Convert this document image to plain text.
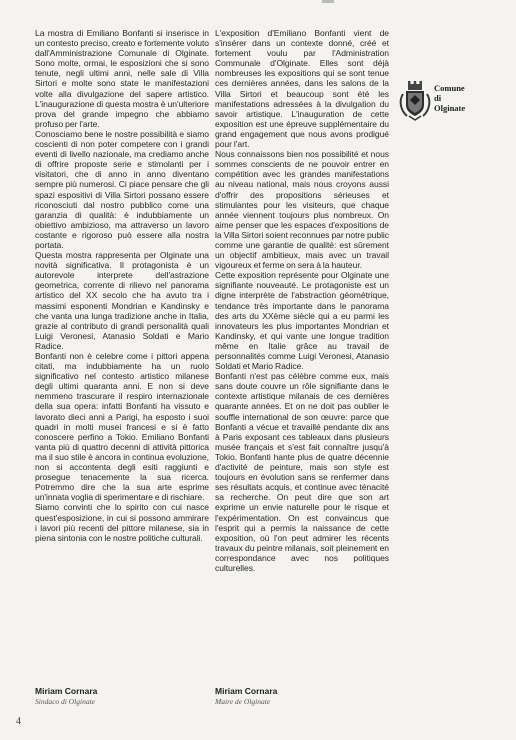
La mostra di Emiliano Bonfanti si inserisce in un contesto preciso, creato e fortemente voluto dall'Amministrazione Comunale di Olginate. Sono molte, ormai, le esposizioni che si sono tenute, negli ultimi anni, nelle sale di Villa Sirtori e molte sono state le manifestazioni volte alla divulgazione del sapere artistico. L'inaugurazione di questa mostra è un'ulteriore prova del grande impegno che abbiamo profuso per l'arte.

Conosciamo bene le nostre possibilità e siamo coscienti di non poter competere con i grandi eventi di livello nazionale, ma crediamo anche di offrire proposte serie e stimolanti per i visitatori, che di anno in anno diventano sempre più numerosi. Ci piace pensare che gli spazi espositivi di Villa Sirtori possano essere riconosciuti dal nostro pubblico come una garanzia di qualità: è indubbiamente un obiettivo ambizioso, ma attraverso un lavoro costante e rigoroso può essere alla nostra portata.

Questa mostra rappresenta per Olginate una novità significativa. Il protagonista è un autorevole interprete dell'astrazione geometrica, corrente di rilievo nel panorama artistico del XX secolo che ha avuto tra i massimi esponenti Mondrian e Kandinsky e che vanta una lunga tradizione anche in Italia, grazie al contributo di grandi personalità quali Luigi Veronesi, Atanasio Soldati e Mario Radice.

Bonfanti non è celebre come i pittori appena citati, ma indubbiamente ha un ruolo significativo nel contesto artistico milanese degli ultimi quaranta anni. E non si deve nemmeno trascurare il respiro internazionale della sua opera: infatti Bonfanti ha vissuto e lavorato dieci anni a Parigi, ha esposto i suoi quadri in molti musei francesi e si è fatto conoscere perfino a Tokio. Emiliano Bonfanti vanta più di quattro decenni di attività pittorica ma il suo stile è ancora in continua evoluzione, non si accontenta degli esiti raggiunti e prosegue tenacemente la sua ricerca. Potremmo dire che la sua arte esprime un'innata voglia di sperimentare e di rischiare.

Siamo convinti che lo spirito con cui nasce quest'esposizione, in cui si possono ammirare i lavori più recenti del pittore milanese, sia in piena sintonia con le nostre politiche culturali.

L'exposition d'Emiliano Bonfanti vient de s'insérer dans un contexte donné, créé et fortement voulu par l'Administration Communale d'Olginate. Elles sont déjà nombreuses les expositions qui se sont tenue ces dernières années, dans les salons de la Villa Sirtori et beaucoup sont été les manifestations adressées à la divulgation du savoir artistique. L'inauguration de cette exposition est une épreuve supplémentaire du grand engagement que nous avons prodigué pour l'art.

Nous connaissons bien nos possibilité et nous sommes conscients de ne pouvoir entrer en compétition avec les grandes manifestations au niveau national, mais nous croyons aussi d'offrir des propositions sérieuses et stimulantes pour les visiteurs, que chaque année viennent toujours plus nombreux. On aime penser que les espaces d'expositions de la Villa Sirtori soient reconnues par notre public comme une garantie de qualité: est sûrement un objectif ambitieux, mais avec un travail vigoureux et ferme on sera à la hauteur.

Cette exposition représente pour Olginate une signifiante nouveauté. Le protagoniste est un digne interprète de l'abstraction géométrique, tendance très importante dans le panorama des arts du XXème siècle qui a eu parmi les innovateurs les plus importantes Mondrian et Kandinsky, et qui vante une longue tradition même en Italie grâce au travail de personnalités comme Luigi Veronesi, Atanasio Soldati et Mario Radice.

Bonfanti n'est pas célèbre comme eux, mais sans doute couvre un rôle signifiante dans le contexte artistique milanais de ces dernières quarante années. Et on ne doit pas oublier le souffle international de son œuvre: parce que Bonfanti a vécue et travaillé pendante dix ans à Paris exposant ces tableaux dans plusieurs musée français et s'est fait connaître jusqu'à Tokio. Bonfanti hante plus de quatre décennie d'activité de peinture, mais son style est toujours en évolution sans se renfermer dans ses résultats acquis, et continue avec ténacité sa recherche. On peut dire que son art exprime un envie naturelle pour le risque et l'expérimentation. On est convaincus que l'esprit qui a permis la naissance de cette exposition, où l'on peut admirer les récents travaux du peintre milanais, soit pleinement en correspondance avec nos politiques culturelles.

Comune
di
Olginate
Miriam Cornara
Sindaco di Olginate
Miriam Cornara
Maire de Olginate
4
